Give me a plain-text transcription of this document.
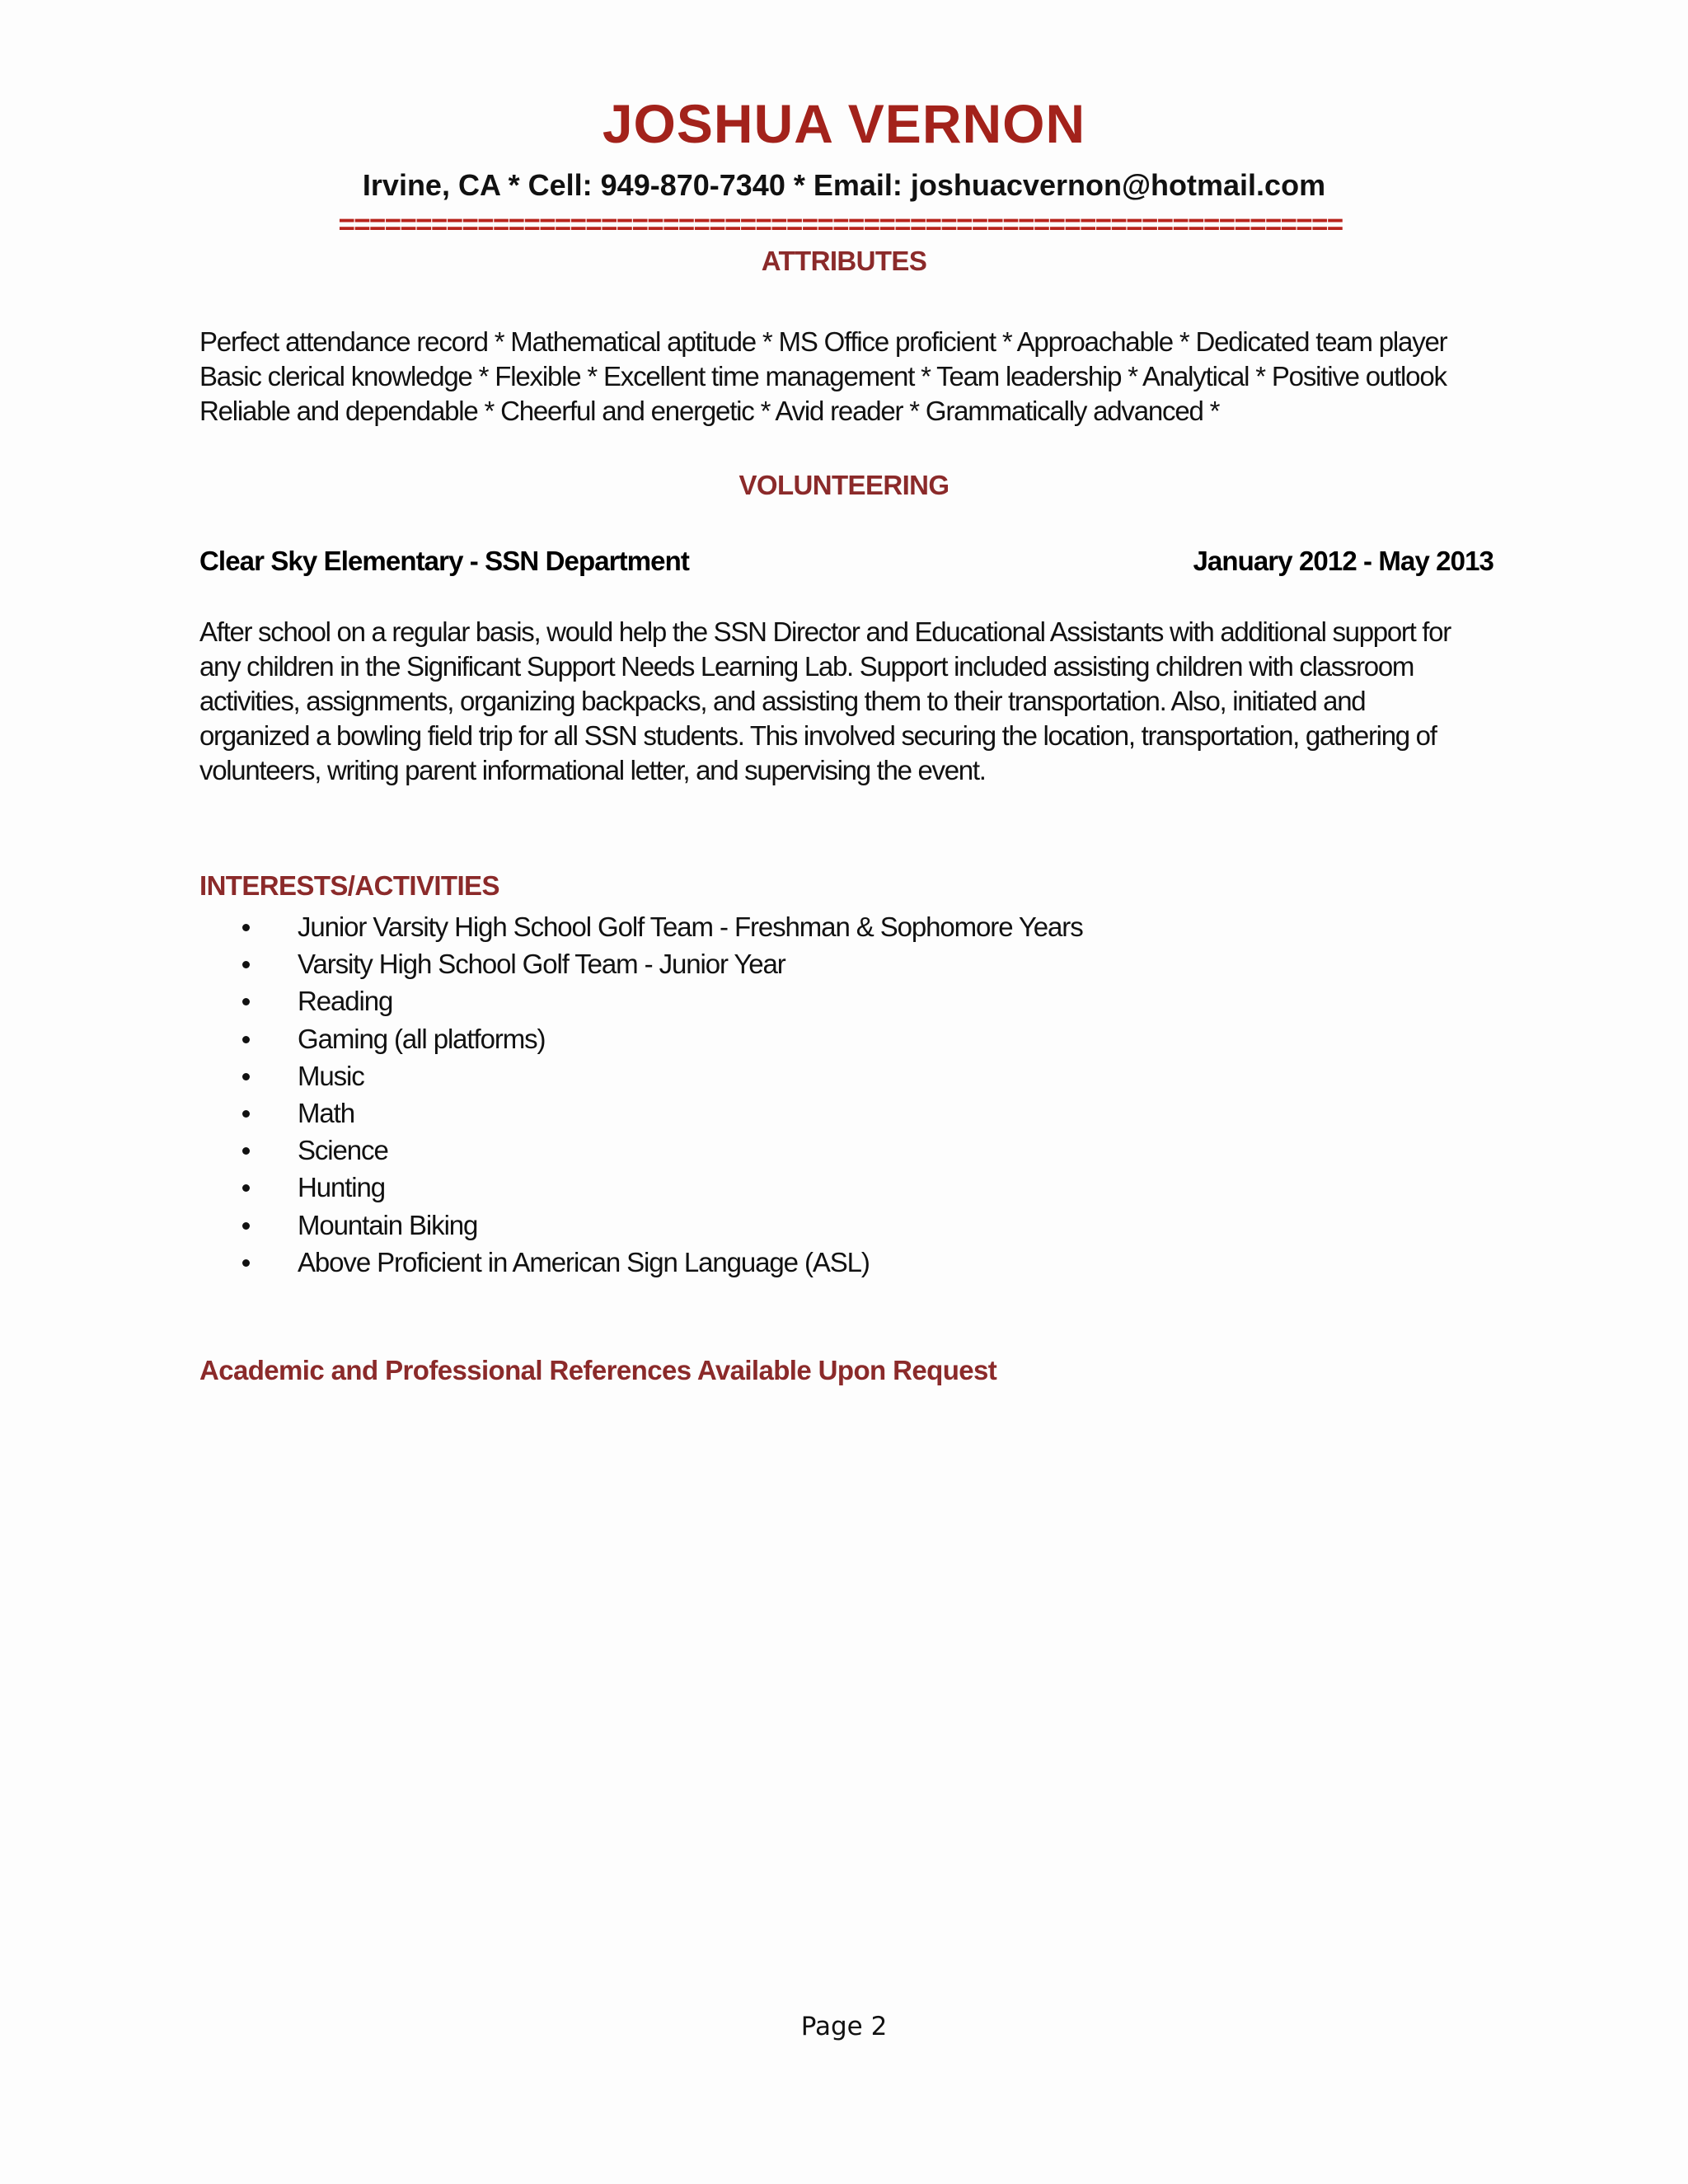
JOSHUA VERNON
Irvine, CA * Cell: 949-870-7340 * Email: joshuacvernon@hotmail.com
=================================================================
ATTRIBUTES
Perfect attendance record * Mathematical aptitude * MS Office proficient * Approachable * Dedicated team player
Basic clerical knowledge * Flexible * Excellent time management * Team leadership * Analytical * Positive outlook
Reliable and dependable * Cheerful and energetic * Avid reader * Grammatically advanced *
VOLUNTEERING
Clear Sky Elementary - SSN Department	January 2012 - May 2013
After school on a regular basis, would help the SSN Director and Educational Assistants with additional support for
any children in the Significant Support Needs Learning Lab. Support included assisting children with classroom
activities, assignments, organizing backpacks, and assisting them to their transportation. Also, initiated and
organized a bowling field trip for all SSN students. This involved securing the location, transportation, gathering of
volunteers, writing parent informational letter, and supervising the event.
INTERESTS/ACTIVITIES
Junior Varsity High School Golf Team - Freshman & Sophomore Years
Varsity High School Golf Team - Junior Year
Reading
Gaming (all platforms)
Music
Math
Science
Hunting
Mountain Biking
Above Proficient in American Sign Language (ASL)
Academic and Professional References Available Upon Request
Page 2
